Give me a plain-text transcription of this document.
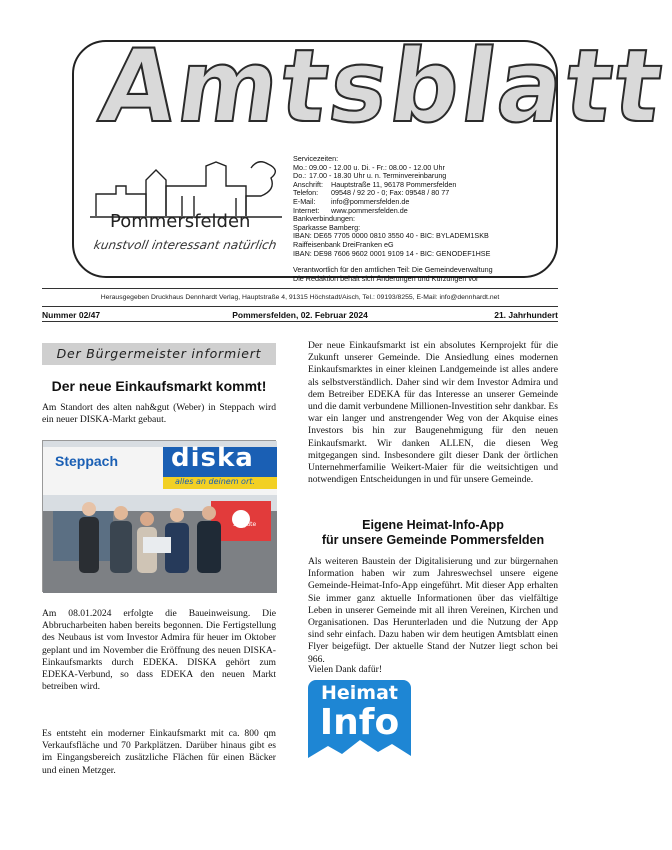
Amtsblatt
Pommersfelden
kunstvoll interessant natürlich
Servicezeiten:
Mo.: 09.00 - 12.00 u. Di. - Fr.: 08.00 - 12.00 Uhr
Do.: 17.00 - 18.30 Uhr u. n. Terminvereinbarung
Anschrift: Hauptstraße 11, 96178 Pommersfelden
Telefon: 09548 / 92 20 - 0; Fax: 09548 / 80 77
E-Mail: info@pommersfelden.de
Internet: www.pommersfelden.de
Bankverbindungen:
Sparkasse Bamberg:
IBAN: DE65 7705 0000 0810 3550 40 - BIC: BYLADEM1SKB
Raiffeisenbank DreiFranken eG
IBAN: DE98 7606 9602 0001 9109 14 - BIC: GENODEF1HSE
Verantwortlich für den amtlichen Teil: Die Gemeindeverwaltung
Die Redaktion behält sich Änderungen und Kürzungen vor
Herausgegeben Druckhaus Dennhardt Verlag, Hauptstraße 4, 91315 Höchstadt/Aisch, Tel.: 09193/8255, E-Mail: info@dennhardt.net
Nummer 02/47	Pommersfelden, 02. Februar 2024	21. Jahrhundert
Der Bürgermeister informiert
Der neue Einkaufsmarkt kommt!
Am Standort des alten nah&gut (Weber) in Steppach wird ein neuer DISKA-Markt gebaut.
Steppach diska
alles an deinem ort.
30 gute
Am 08.01.2024 erfolgte die Baueinweisung. Die Abbrucharbeiten haben bereits begonnen. Die Fertigstellung des Neubaus ist vom Investor Admira für heuer im Oktober geplant und im November die Eröffnung des neuen DISKA-Einkaufsmarkts durch EDEKA. DISKA gehört zum EDEKA-Verbund, so dass EDEKA den neuen Markt betreiben wird.
Es entsteht ein moderner Einkaufsmarkt mit ca. 800 qm Verkaufsfläche und 70 Parkplätzen. Darüber hinaus gibt es im Eingangsbereich zusätzliche Flächen für einen Bäcker und einen Metzger.
Der neue Einkaufsmarkt ist ein absolutes Kernprojekt für die Zukunft unserer Gemeinde. Die Ansiedlung eines modernen Einkaufsmarktes in einer kleinen Landgemeinde ist alles andere als selbstverständlich. Daher sind wir dem Investor Admira und dem Betreiber EDEKA für das Interesse an unserer Gemeinde und die damit verbundene Millionen-Investition sehr dankbar. Es war ein langer und anstrengender Weg von der Akquise eines Investors bis hin zur Baugenehmigung für den neuen Einkaufsmarkt. Wir danken ALLEN, die diesen Weg mitgegangen sind. Insbesondere gilt dieser Dank der örtlichen Unternehmerfamilie Weikert-Maier für die weitsichtigen und notwendigen Entscheidungen in und für unsere Gemeinde.
Eigene Heimat-Info-App
für unsere Gemeinde Pommersfelden
Als weiteren Baustein der Digitalisierung und zur bürgernahen Information haben wir zum Jahreswechsel unsere eigene Gemeinde-Heimat-Info-App eingeführt. Mit dieser App erhalten Sie immer ganz aktuelle Informationen über das vielfältige Leben in unserer Gemeinde mit all ihren Vereinen, Kirchen und Organisationen. Das Herunterladen und die Nutzung der App sind sehr einfach. Dazu haben wir dem heutigen Amtsblatt einen Flyer beigefügt. Der aktuelle Stand der Nutzer liegt schon bei 966.
Vielen Dank dafür!
Heimat
Info
